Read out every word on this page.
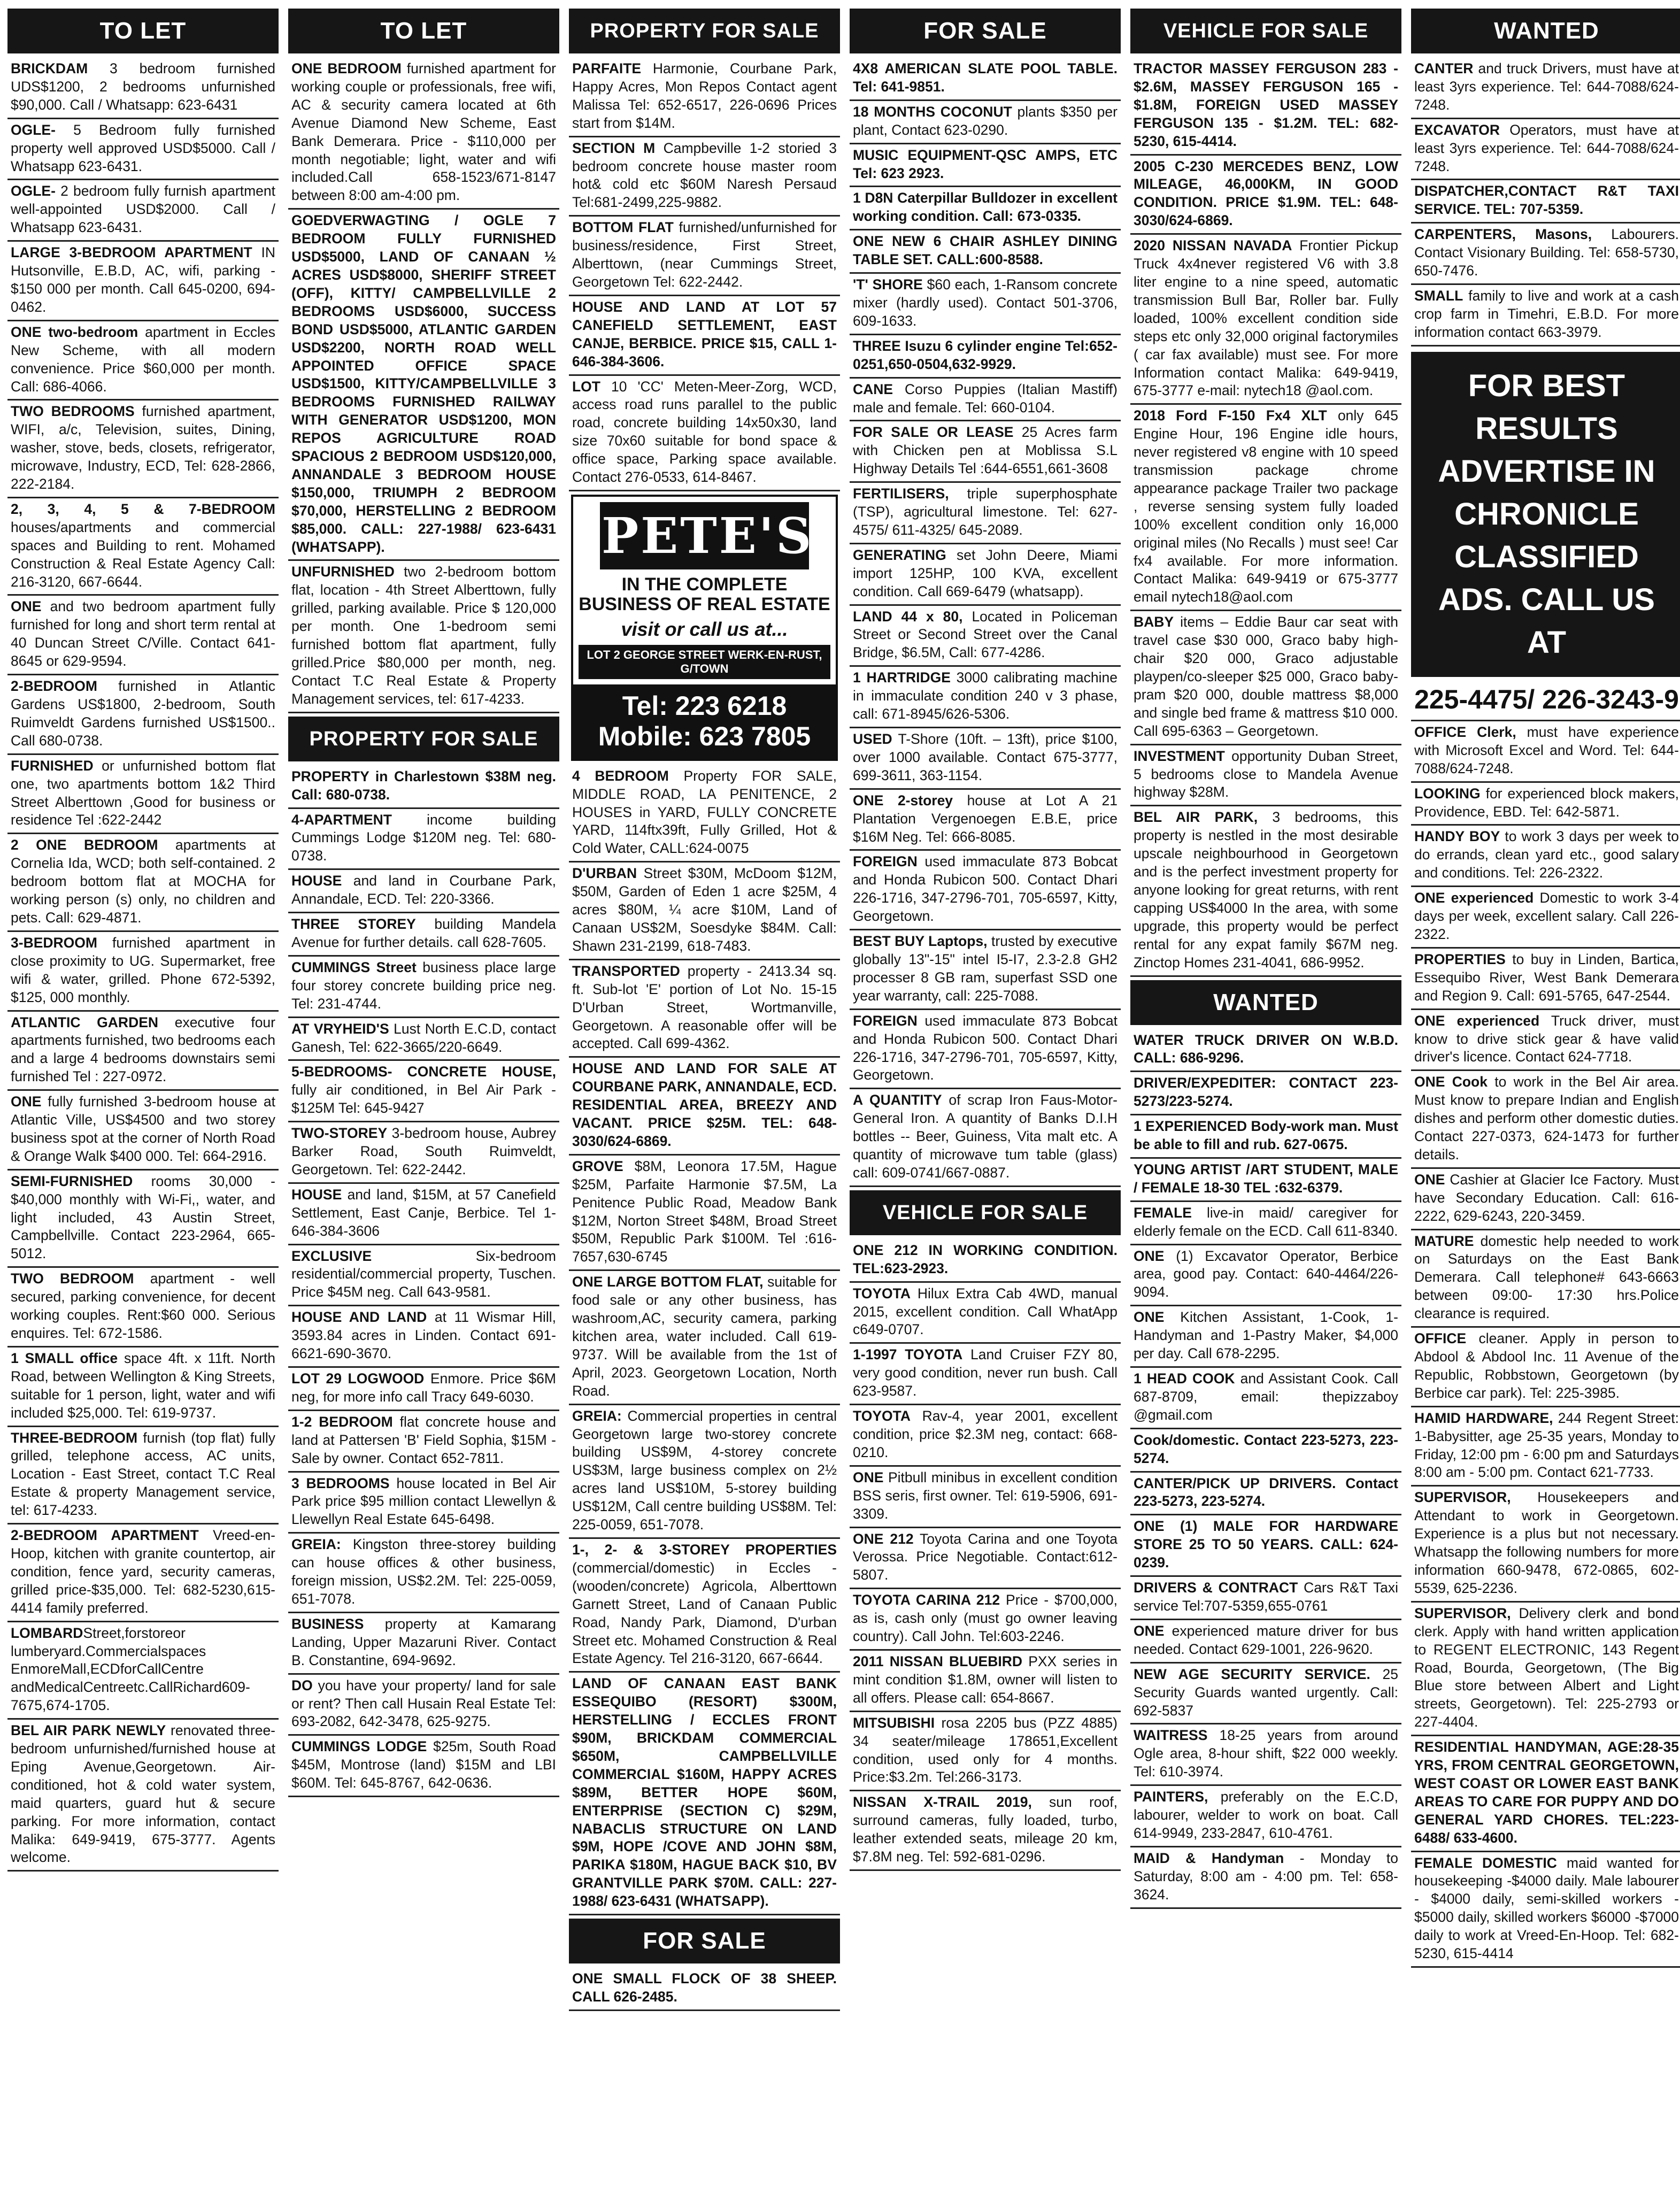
TO LET
BRICKDAM 3 bedroom furnished UDS$1200, 2 bedrooms unfurnished $90,000. Call / Whatsapp: 623-6431
OGLE- 5 Bedroom fully furnished property well approved USD$5000. Call / Whatsapp 623-6431.
OGLE- 2 bedroom fully furnish apartment well-appointed USD$2000. Call / Whatsapp 623-6431.
LARGE 3-BEDROOM APARTMENT IN Hutsonville, E.B.D, AC, wifi, parking - $150 000 per month. Call 645-0200, 694-0462.
ONE two-bedroom apartment in Eccles New Scheme, with all modern convenience. Price $60,000 per month. Call: 686-4066.
TWO BEDROOMS furnished apartment, WIFI, a/c, Television, suites, Dining, washer, stove, beds, closets, refrigerator, microwave, Industry, ECD, Tel: 628-2866, 222-2184.
2, 3, 4, 5 & 7-BEDROOM houses/apartments and commercial spaces and Building to rent. Mohamed Construction & Real Estate Agency Call: 216-3120, 667-6644.
ONE and two bedroom apartment fully furnished for long and short term rental at 40 Duncan Street C/Ville. Contact 641-8645 or 629-9594.
2-BEDROOM furnished in Atlantic Gardens US$1800, 2-bedroom, South Ruimveldt Gardens furnished US$1500.. Call 680-0738.
FURNISHED or unfurnished bottom flat one, two apartments bottom 1&2 Third Street Alberttown ,Good for business or residence Tel :622-2442
2 ONE BEDROOM apartments at Cornelia Ida, WCD; both self-contained. 2 bedroom bottom flat at MOCHA for working person (s) only, no children and pets. Call: 629-4871.
3-BEDROOM furnished apartment in close proximity to UG. Supermarket, free wifi & water, grilled. Phone 672-5392, $125, 000 monthly.
ATLANTIC GARDEN executive four apartments furnished, two bedrooms each and a large 4 bedrooms downstairs semi furnished Tel : 227-0972.
ONE fully furnished 3-bedroom house at Atlantic Ville, US$4500 and two storey business spot at the corner of North Road & Orange Walk $400 000. Tel: 664-2916.
SEMI-FURNISHED rooms 30,000 - $40,000 monthly with Wi-Fi,, water, and light included, 43 Austin Street, Campbellville. Contact 223-2964, 665-5012.
TWO BEDROOM apartment - well secured, parking convenience, for decent working couples. Rent:$60 000. Serious enquires. Tel: 672-1586.
1 SMALL office space 4ft. x 11ft. North Road, between Wellington & King Streets, suitable for 1 person, light, water and wifi included $25,000. Tel: 619-9737.
THREE-BEDROOM furnish (top flat) fully grilled, telephone access, AC units, Location - East Street, contact T.C Real Estate & property Management service, tel: 617-4233.
2-BEDROOM APARTMENT Vreed-en-Hoop, kitchen with granite countertop, air condition, fence yard, security cameras, grilled price-$35,000. Tel: 682-5230,615-4414 family preferred.
LOMBARDStreet,forstoreor lumberyard.Commercialspaces EnmoreMall,ECDforCallCentre andMedicalCentreetc.CallRichard609-7675,674-1705.
BEL AIR PARK NEWLY renovated three-bedroom unfurnished/furnished house at Eping Avenue,Georgetown. Air-conditioned, hot & cold water system, maid quarters, guard hut & secure parking. For more information, contact Malika: 649-9419, 675-3777. Agents welcome.
TO LET
ONE BEDROOM furnished apartment for working couple or professionals, free wifi, AC & security camera located at 6th Avenue Diamond New Scheme, East Bank Demerara. Price - $110,000 per month negotiable; light, water and wifi included.Call 658-1523/671-8147 between 8:00 am-4:00 pm.
GOEDVERWAGTING / OGLE 7 BEDROOM FULLY FURNISHED USD$5000, LAND OF CANAAN ½ ACRES USD$8000, SHERIFF STREET (OFF), KITTY/ CAMPBELLVILLE 2 BEDROOMS USD$6000, SUCCESS BOND USD$5000, ATLANTIC GARDEN USD$2200, NORTH ROAD WELL APPOINTED OFFICE SPACE USD$1500, KITTY/CAMPBELLVILLE 3 BEDROOMS FURNISHED RAILWAY WITH GENERATOR USD$1200, MON REPOS AGRICULTURE ROAD SPACIOUS 2 BEDROOM USD$120,000, ANNANDALE 3 BEDROOM HOUSE $150,000, TRIUMPH 2 BEDROOM $70,000, HERSTELLING 2 BEDROOM $85,000. CALL: 227-1988/ 623-6431 (WHATSAPP).
UNFURNISHED two 2-bedroom bottom flat, location - 4th Street Alberttown, fully grilled, parking available. Price $ 120,000 per month. One 1-bedroom semi furnished bottom flat apartment, fully grilled.Price $80,000 per month, neg. Contact T.C Real Estate & Property Management services, tel: 617-4233.
PROPERTY FOR SALE
PROPERTY in Charlestown $38M neg. Call: 680-0738.
4-APARTMENT income building Cummings Lodge $120M neg. Tel: 680-0738.
HOUSE and land in Courbane Park, Annandale, ECD. Tel: 220-3366.
THREE STOREY building Mandela Avenue for further details. call 628-7605.
CUMMINGS Street business place large four storey concrete building price neg. Tel: 231-4744.
AT VRYHEID'S Lust North E.C.D, contact Ganesh, Tel: 622-3665/220-6649.
5-BEDROOMS- CONCRETE HOUSE, fully air conditioned, in Bel Air Park - $125M Tel: 645-9427
TWO-STOREY 3-bedroom house, Aubrey Barker Road, South Ruimveldt, Georgetown. Tel: 622-2442.
HOUSE and land, $15M, at 57 Canefield Settlement, East Canje, Berbice. Tel 1-646-384-3606
EXCLUSIVE Six-bedroom residential/commercial property, Tuschen. Price $45M neg. Call 643-9581.
HOUSE AND LAND at 11 Wismar Hill, 3593.84 acres in Linden. Contact 691-6621-690-3670.
LOT 29 LOGWOOD Enmore. Price $6M neg, for more info call Tracy 649-6030.
1-2 BEDROOM flat concrete house and land at Pattersen 'B' Field Sophia, $15M - Sale by owner. Contact 652-7811.
3 BEDROOMS house located in Bel Air Park price $95 million contact Llewellyn & Llewellyn Real Estate 645-6498.
GREIA: Kingston three-storey building can house offices & other business, foreign mission, US$2.2M. Tel: 225-0059, 651-7078.
BUSINESS property at Kamarang Landing, Upper Mazaruni River. Contact B. Constantine, 694-9692.
DO you have your property/ land for sale or rent? Then call Husain Real Estate Tel: 693-2082, 642-3478, 625-9275.
CUMMINGS LODGE $25m, South Road $45M, Montrose (land) $15M and LBI $60M. Tel: 645-8767, 642-0636.
PROPERTY FOR SALE
PARFAITE Harmonie, Courbane Park, Happy Acres, Mon Repos Contact agent Malissa Tel: 652-6517, 226-0696 Prices start from $14M.
SECTION M Campbeville 1-2 storied 3 bedroom concrete house master room hot& cold etc $60M Naresh Persaud Tel:681-2499,225-9882.
BOTTOM FLAT furnished/unfurnished for business/residence, First Street, Alberttown, (near Cummings Street, Georgetown Tel: 622-2442.
HOUSE AND LAND AT LOT 57 CANEFIELD SETTLEMENT, EAST CANJE, BERBICE. PRICE $15, CALL 1-646-384-3606.
LOT 10 'CC' Meten-Meer-Zorg, WCD, access road runs parallel to the public road, concrete building 14x50x30, land size 70x60 suitable for bond space & office space, Parking space available. Contact 276-0533, 614-8467.
PETE'S
IN THE COMPLETE BUSINESS OF REAL ESTATE
visit or call us at...
LOT 2 GEORGE STREET WERK-EN-RUST, G/TOWN
Tel: 223 6218
Mobile: 623 7805
4 BEDROOM Property FOR SALE, MIDDLE ROAD, LA PENITENCE, 2 HOUSES in YARD, FULLY CONCRETE YARD, 114ftx39ft, Fully Grilled, Hot & Cold Water, CALL:624-0075
D'URBAN Street $30M, McDoom $12M, $50M, Garden of Eden 1 acre $25M, 4 acres $80M, ¼ acre $10M, Land of Canaan US$2M, Soesdyke $84M. Call: Shawn 231-2199, 618-7483.
TRANSPORTED property - 2413.34 sq. ft. Sub-lot 'E' portion of Lot No. 15-15 D'Urban Street, Wortmanville, Georgetown. A reasonable offer will be accepted. Call 699-4362.
HOUSE AND LAND FOR SALE AT COURBANE PARK, ANNANDALE, ECD. RESIDENTIAL AREA, BREEZY AND VACANT. PRICE $25M. TEL: 648-3030/624-6869.
GROVE $8M, Leonora 17.5M, Hague $25M, Parfaite Harmonie $7.5M, La Penitence Public Road, Meadow Bank $12M, Norton Street $48M, Broad Street $50M, Republic Park $100M. Tel :616-7657,630-6745
ONE LARGE BOTTOM FLAT, suitable for food sale or any other business, has washroom,AC, security camera, parking kitchen area, water included. Call 619-9737. Will be available from the 1st of April, 2023. Georgetown Location, North Road.
GREIA: Commercial properties in central Georgetown large two-storey concrete building US$9M, 4-storey concrete US$3M, large business complex on 2½ acres land US$10M, 5-storey building US$12M, Call centre building US$8M. Tel: 225-0059, 651-7078.
1-, 2- & 3-STOREY PROPERTIES (commercial/domestic) in Eccles - (wooden/concrete) Agricola, Alberttown Garnett Street, Land of Canaan Public Road, Nandy Park, Diamond, D'urban Street etc. Mohamed Construction & Real Estate Agency. Tel 216-3120, 667-6644.
LAND OF CANAAN EAST BANK ESSEQUIBO (RESORT) $300M, HERSTELLING / ECCLES FRONT $90M, BRICKDAM COMMERCIAL $650M, CAMPBELLVILLE COMMERCIAL $160M, HAPPY ACRES $89M, BETTER HOPE $60M, ENTERPRISE (SECTION C) $29M, NABACLIS STRUCTURE ON LAND $9M, HOPE /COVE AND JOHN $8M, PARIKA $180M, HAGUE BACK $10, BV GRANTVILLE PARK $70M. CALL: 227-1988/ 623-6431 (WHATSAPP).
FOR SALE
ONE SMALL FLOCK OF 38 SHEEP. CALL 626-2485.
FOR SALE
4X8 AMERICAN SLATE POOL TABLE. Tel: 641-9851.
18 MONTHS COCONUT plants $350 per plant, Contact 623-0290.
MUSIC EQUIPMENT-QSC AMPS, ETC Tel: 623 2923.
1 D8N Caterpillar Bulldozer in excellent working condition. Call: 673-0335.
ONE NEW 6 CHAIR ASHLEY DINING TABLE SET. CALL:600-8588.
'T' SHORE $60 each, 1-Ransom concrete mixer (hardly used). Contact 501-3706, 609-1633.
THREE Isuzu 6 cylinder engine Tel:652-0251,650-0504,632-9929.
CANE Corso Puppies (Italian Mastiff) male and female. Tel: 660-0104.
FOR SALE OR LEASE 25 Acres farm with Chicken pen at Moblissa S.L Highway Details Tel :644-6551,661-3608
FERTILISERS, triple superphosphate (TSP), agricultural limestone. Tel: 627-4575/ 611-4325/ 645-2089.
GENERATING set John Deere, Miami import 125HP, 100 KVA, excellent condition. Call 669-6479 (whatsapp).
LAND 44 x 80, Located in Policeman Street or Second Street over the Canal Bridge, $6.5M, Call: 677-4286.
1 HARTRIDGE 3000 calibrating machine in immaculate condition 240 v 3 phase, call: 671-8945/626-5306.
USED T-Shore (10ft. – 13ft), price $100, over 1000 available. Contact 675-3777, 699-3611, 363-1154.
ONE 2-storey house at Lot A 21 Plantation Vergenoegen E.B.E, price $16M Neg. Tel: 666-8085.
FOREIGN used immaculate 873 Bobcat and Honda Rubicon 500. Contact Dhari 226-1716, 347-2796-701, 705-6597, Kitty, Georgetown.
BEST BUY Laptops, trusted by executive globally 13"-15" intel I5-I7, 2.3-2.8 GH2 processer 8 GB ram, superfast SSD one year warranty, call: 225-7088.
FOREIGN used immaculate 873 Bobcat and Honda Rubicon 500. Contact Dhari 226-1716, 347-2796-701, 705-6597, Kitty, Georgetown.
A QUANTITY of scrap Iron Faus-Motor-General Iron. A quantity of Banks D.I.H bottles -- Beer, Guiness, Vita malt etc. A quantity of microwave tum table (glass) call: 609-0741/667-0887.
VEHICLE FOR SALE
ONE 212 IN WORKING CONDITION. TEL:623-2923.
TOYOTA Hilux Extra Cab 4WD, manual 2015, excellent condition. Call WhatApp c649-0707.
1-1997 TOYOTA Land Cruiser FZY 80, very good condition, never run bush. Call 623-9587.
TOYOTA Rav-4, year 2001, excellent condition, price $2.3M neg, contact: 668-0210.
ONE Pitbull minibus in excellent condition BSS seris, first owner. Tel: 619-5906, 691-3309.
ONE 212 Toyota Carina and one Toyota Verossa. Price Negotiable. Contact:612-5807.
TOYOTA CARINA 212 Price - $700,000, as is, cash only (must go owner leaving country). Call John. Tel:603-2246.
2011 NISSAN BLUEBIRD PXX series in mint condition $1.8M, owner will listen to all offers. Please call: 654-8667.
MITSUBISHI rosa 2205 bus (PZZ 4885) 34 seater/mileage 178651,Excellent condition, used only for 4 months. Price:$3.2m. Tel:266-3173.
NISSAN X-TRAIL 2019, sun roof, surround cameras, fully loaded, turbo, leather extended seats, mileage 20 km, $7.8M neg. Tel: 592-681-0296.
VEHICLE FOR SALE
TRACTOR MASSEY FERGUSON 283 - $2.6M, MASSEY FERGUSON 165 - $1.8M, FOREIGN USED MASSEY FERGUSON 135 - $1.2M. TEL: 682-5230, 615-4414.
2005 C-230 MERCEDES BENZ, LOW MILEAGE, 46,000KM, IN GOOD CONDITION. PRICE $1.9M. TEL: 648-3030/624-6869.
2020 NISSAN NAVADA Frontier Pickup Truck 4x4never registered V6 with 3.8 liter engine to a nine speed, automatic transmission Bull Bar, Roller bar. Fully loaded, 100% excellent condition side steps etc only 32,000 original factorymiles ( car fax available) must see. For more Information contact Malika: 649-9419, 675-3777 e-mail: nytech18 @aol.com.
2018 Ford F-150 Fx4 XLT only 645 Engine Hour, 196 Engine idle hours, never registered v8 engine with 10 speed transmission package chrome appearance package Trailer two package , reverse sensing system fully loaded 100% excellent condition only 16,000 original miles (No Recalls ) must see! Car fx4 available. For more information. Contact Malika: 649-9419 or 675-3777 email nytech18@aol.com
BABY items – Eddie Baur car seat with travel case $30 000, Graco baby high-chair $20 000, Graco adjustable playpen/co-sleeper $25 000, Graco baby-pram $20 000, double mattress $8,000 and single bed frame & mattress $10 000. Call 695-6363 – Georgetown.
INVESTMENT opportunity Duban Street, 5 bedrooms close to Mandela Avenue highway $28M.
BEL AIR PARK, 3 bedrooms, this property is nestled in the most desirable upscale neighbourhood in Georgetown and is the perfect investment property for anyone looking for great returns, with rent capping US$4000 In the area, with some upgrade, this property would be perfect rental for any expat family $67M neg. Zinctop Homes 231-4041, 686-9952.
WANTED
WATER TRUCK DRIVER ON W.B.D. CALL: 686-9296.
DRIVER/EXPEDITER: CONTACT 223-5273/223-5274.
1 EXPERIENCED Body-work man. Must be able to fill and rub. 627-0675.
YOUNG ARTIST /ART STUDENT, MALE / FEMALE 18-30 TEL :632-6379.
FEMALE live-in maid/ caregiver for elderly female on the ECD. Call 611-8340.
ONE (1) Excavator Operator, Berbice area, good pay. Contact: 640-4464/226-9094.
ONE Kitchen Assistant, 1-Cook, 1-Handyman and 1-Pastry Maker, $4,000 per day. Call 678-2295.
1 HEAD COOK and Assistant Cook. Call 687-8709, email: thepizzaboy @gmail.com
Cook/domestic. Contact 223-5273, 223-5274.
CANTER/PICK UP DRIVERS. Contact 223-5273, 223-5274.
ONE (1) MALE FOR HARDWARE STORE 25 TO 50 YEARS. CALL: 624-0239.
DRIVERS & CONTRACT Cars R&T Taxi service Tel:707-5359,655-0761
ONE experienced mature driver for bus needed. Contact 629-1001, 226-9620.
NEW AGE SECURITY SERVICE. 25 Security Guards wanted urgently. Call: 692-5837
WAITRESS 18-25 years from around Ogle area, 8-hour shift, $22 000 weekly. Tel: 610-3974.
PAINTERS, preferably on the E.C.D, labourer, welder to work on boat. Call 614-9949, 233-2847, 610-4761.
MAID & Handyman - Monday to Saturday, 8:00 am - 4:00 pm. Tel: 658-3624.
WANTED
CANTER and truck Drivers, must have at least 3yrs experience. Tel: 644-7088/624-7248.
EXCAVATOR Operators, must have at least 3yrs experience. Tel: 644-7088/624-7248.
DISPATCHER,CONTACT R&T TAXI SERVICE. TEL: 707-5359.
CARPENTERS, Masons, Labourers. Contact Visionary Building. Tel: 658-5730, 650-7476.
SMALL family to live and work at a cash crop farm in Timehri, E.B.D. For more information contact 663-3979.
FOR BEST RESULTS ADVERTISE IN CHRONICLE CLASSIFIED ADS. CALL US AT
225-4475/ 226-3243-9
OFFICE Clerk, must have experience with Microsoft Excel and Word. Tel: 644-7088/624-7248.
LOOKING for experienced block makers, Providence, EBD. Tel: 642-5871.
HANDY BOY to work 3 days per week to do errands, clean yard etc., good salary and conditions. Tel: 226-2322.
ONE experienced Domestic to work 3-4 days per week, excellent salary. Call 226-2322.
PROPERTIES to buy in Linden, Bartica, Essequibo River, West Bank Demerara and Region 9. Call: 691-5765, 647-2544.
ONE experienced Truck driver, must know to drive stick gear & have valid driver's licence. Contact 624-7718.
ONE Cook to work in the Bel Air area. Must know to prepare Indian and English dishes and perform other domestic duties. Contact 227-0373, 624-1473 for further details.
ONE Cashier at Glacier Ice Factory. Must have Secondary Education. Call: 616-2222, 629-6243, 220-3459.
MATURE domestic help needed to work on Saturdays on the East Bank Demerara. Call telephone# 643-6663 between 09:00- 17:30 hrs.Police clearance is required.
OFFICE cleaner. Apply in person to Abdool & Abdool Inc. 11 Avenue of the Republic, Robbstown, Georgetown (by Berbice car park). Tel: 225-3985.
HAMID HARDWARE, 244 Regent Street: 1-Babysitter, age 25-35 years, Monday to Friday, 12:00 pm - 6:00 pm and Saturdays 8:00 am - 5:00 pm. Contact 621-7733.
SUPERVISOR, Housekeepers and Attendant to work in Georgetown. Experience is a plus but not necessary. Whatsapp the following numbers for more information 660-9478, 672-0865, 602-5539, 625-2236.
SUPERVISOR, Delivery clerk and bond clerk. Apply with hand written application to REGENT ELECTRONIC, 143 Regent Road, Bourda, Georgetown, (The Big Blue store between Albert and Light streets, Georgetown). Tel: 225-2793 or 227-4404.
RESIDENTIAL HANDYMAN, AGE:28-35 YRS, FROM CENTRAL GEORGETOWN, WEST COAST OR LOWER EAST BANK AREAS TO CARE FOR PUPPY AND DO GENERAL YARD CHORES. TEL:223-6488/ 633-4600.
FEMALE DOMESTIC maid wanted for housekeeping -$4000 daily. Male labourer - $4000 daily, semi-skilled workers - $5000 daily, skilled workers $6000 -$7000 daily to work at Vreed-En-Hoop. Tel: 682-5230, 615-4414
